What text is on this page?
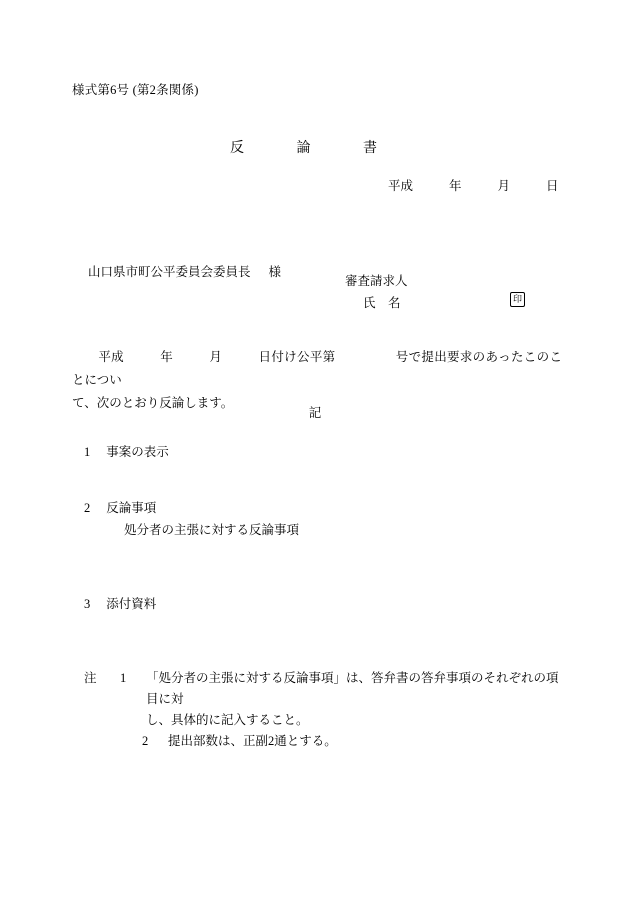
様式第6号 (第2条関係)
反	論	書
平成	年	月	日
山口県市町公平委員会委員長 様
審査請求人
氏　名	印
平成	年	月	日付け公平第	号で提出要求のあったこのことについ
て、次のとおり反論します。
記
1 事案の表示
2 反論事項
処分者の主張に対する反論事項
3 添付資料
注 1 「処分者の主張に対する反論事項」は、答弁書の答弁事項のそれぞれの項目に対
し、具体的に記入すること。
2 提出部数は、正副2通とする。
